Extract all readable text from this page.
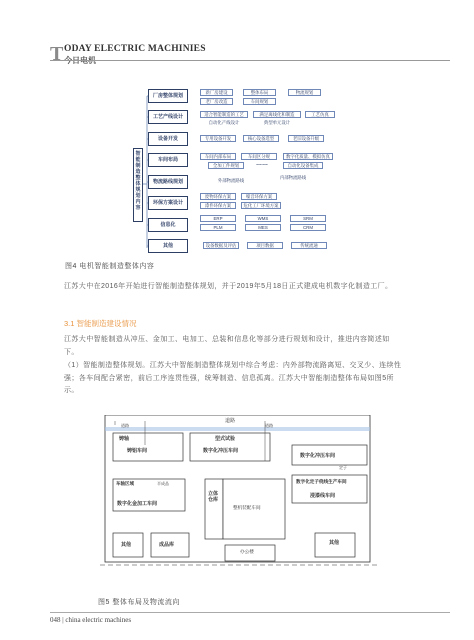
T ODAY ELECTRIC MACHINIES
今日电机
智能制造整体规划内容
厂房整体规划
工艺产线设计
设备开发
车间布局
物流路线规划
环保方案设计
信息化
其他
新厂房建设	整体布局	物流规划
老厂房改造	车间规划
适合智能制造的工艺	满足离线化和制造	工艺仿真
自动化产线设计	典型单元设计
专用设备开发	核心设备选型	老旧设备升级
车间内部布局	车间区分规	数字化质量、模拟仿真
全加工件规划	……	自动化设备集成
外部物流路线
内部物流路线
废物环保方案	噪音环保方案
漆件环保方案	危化工厂环境方案
ERP	WMS	SRM
PLM	MES	CRM
设备数据及评估	项目数据	传统流通
图4 电机智能制造整体内容

江苏大中在2016年开始进行智能制造整体规划，并于2019年5月18日正式建成电机数字化制造工厂。

3.1 智能制造建设情况

江苏大中智能制造从冲压、金加工、电加工、总装和信息化等部分进行规划和设计，推进内容简述如下。

（1）智能制造整体规划。江苏大中智能制造整体规划中综合考虑：内外部物流路离短、交叉少、连续性强；各车间配合紧密，前后工序连贯性强，统筹制造、信息孤离。江苏大中智能制造整体布局如图5所示。

道路
道路	道路
铸轴
铸铝车间
型式试验
数字化冲压车间
数字化冲压车间
数字化定子绕线生产车间
定子
浸漆线车间
车轴区域	半成品
数字化金加工车间
立体仓库
整机装配车间
其他	成品库
办公楼
其他
图5 整体布局及物流流向
048 | china electric machines
